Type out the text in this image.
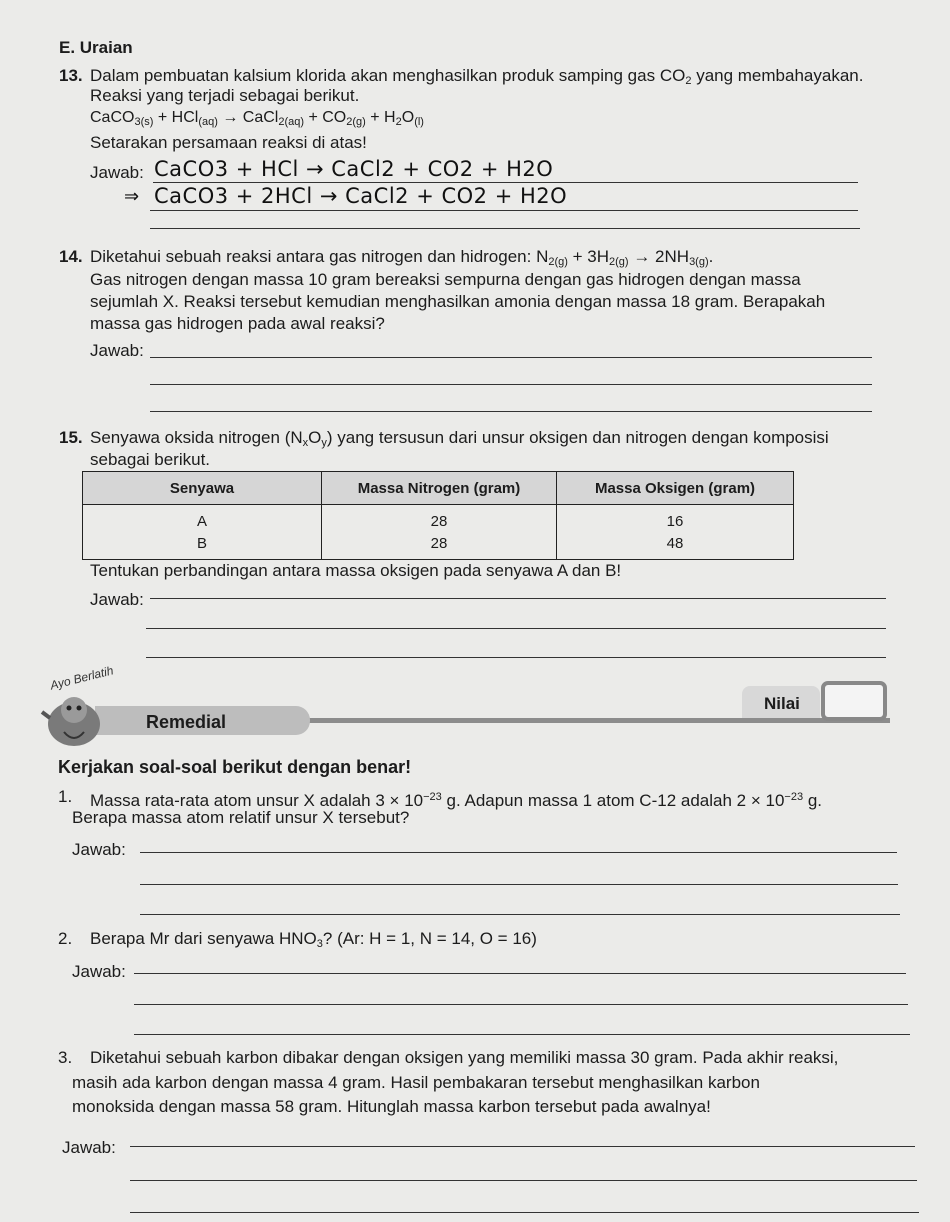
E. Uraian
13. Dalam pembuatan kalsium klorida akan menghasilkan produk samping gas $CO_2$ yang membahayakan.
Reaksi yang terjadi sebagai berikut.
CaCO$_{3(s)}$ + HCl$_{(aq)}$ → CaCl$_{2(aq)}$ + $CO_{2(g)} + H_2O_{(l)}$
Setarakan persamaan reaksi di atas!
Jawab: CaCO3 + HCl → CaCl2 + CO2 + H2O
⇒ CaCO3 + 2HCl → CaCl2 + CO2 + H2O
14. Diketahui sebuah reaksi antara gas nitrogen dan hidrogen: $N_{2(g)} + 3H_{2(g)} \to 2NH_{3(g)}$.
Gas nitrogen dengan massa 10 gram bereaksi sempurna dengan gas hidrogen dengan massa
sejumlah X. Reaksi tersebut kemudian menghasilkan amonia dengan massa 18 gram. Berapakah
massa gas hidrogen pada awal reaksi?
Jawab:
15. Senyawa oksida nitrogen $(N_xO_y)$ yang tersusun dari unsur oksigen dan nitrogen dengan komposisi
sebagai berikut.
Senyawa	Massa Nitrogen (gram)	Massa Oksigen (gram)
A	28	16
B	28	48
Tentukan perbandingan antara massa oksigen pada senyawa A dan B!
Jawab:
Remedial
Ayo Berlatih
Nilai
Kerjakan soal-soal berikut dengan benar!
1. Massa rata-rata atom unsur X adalah $3 \times 10^{-23}$ g. Adapun massa 1 atom C-12 adalah $2 \times 10^{-23}$ g.
Berapa massa atom relatif unsur X tersebut?
Jawab:
2. Berapa Mr dari senyawa $HNO_3$? (Ar: H = 1, N = 14, O = 16)
Jawab:
3. Diketahui sebuah karbon dibakar dengan oksigen yang memiliki massa 30 gram. Pada akhir reaksi,
masih ada karbon dengan massa 4 gram. Hasil pembakaran tersebut menghasilkan karbon
monoksida dengan massa 58 gram. Hitunglah massa karbon tersebut pada awalnya!
Jawab:
